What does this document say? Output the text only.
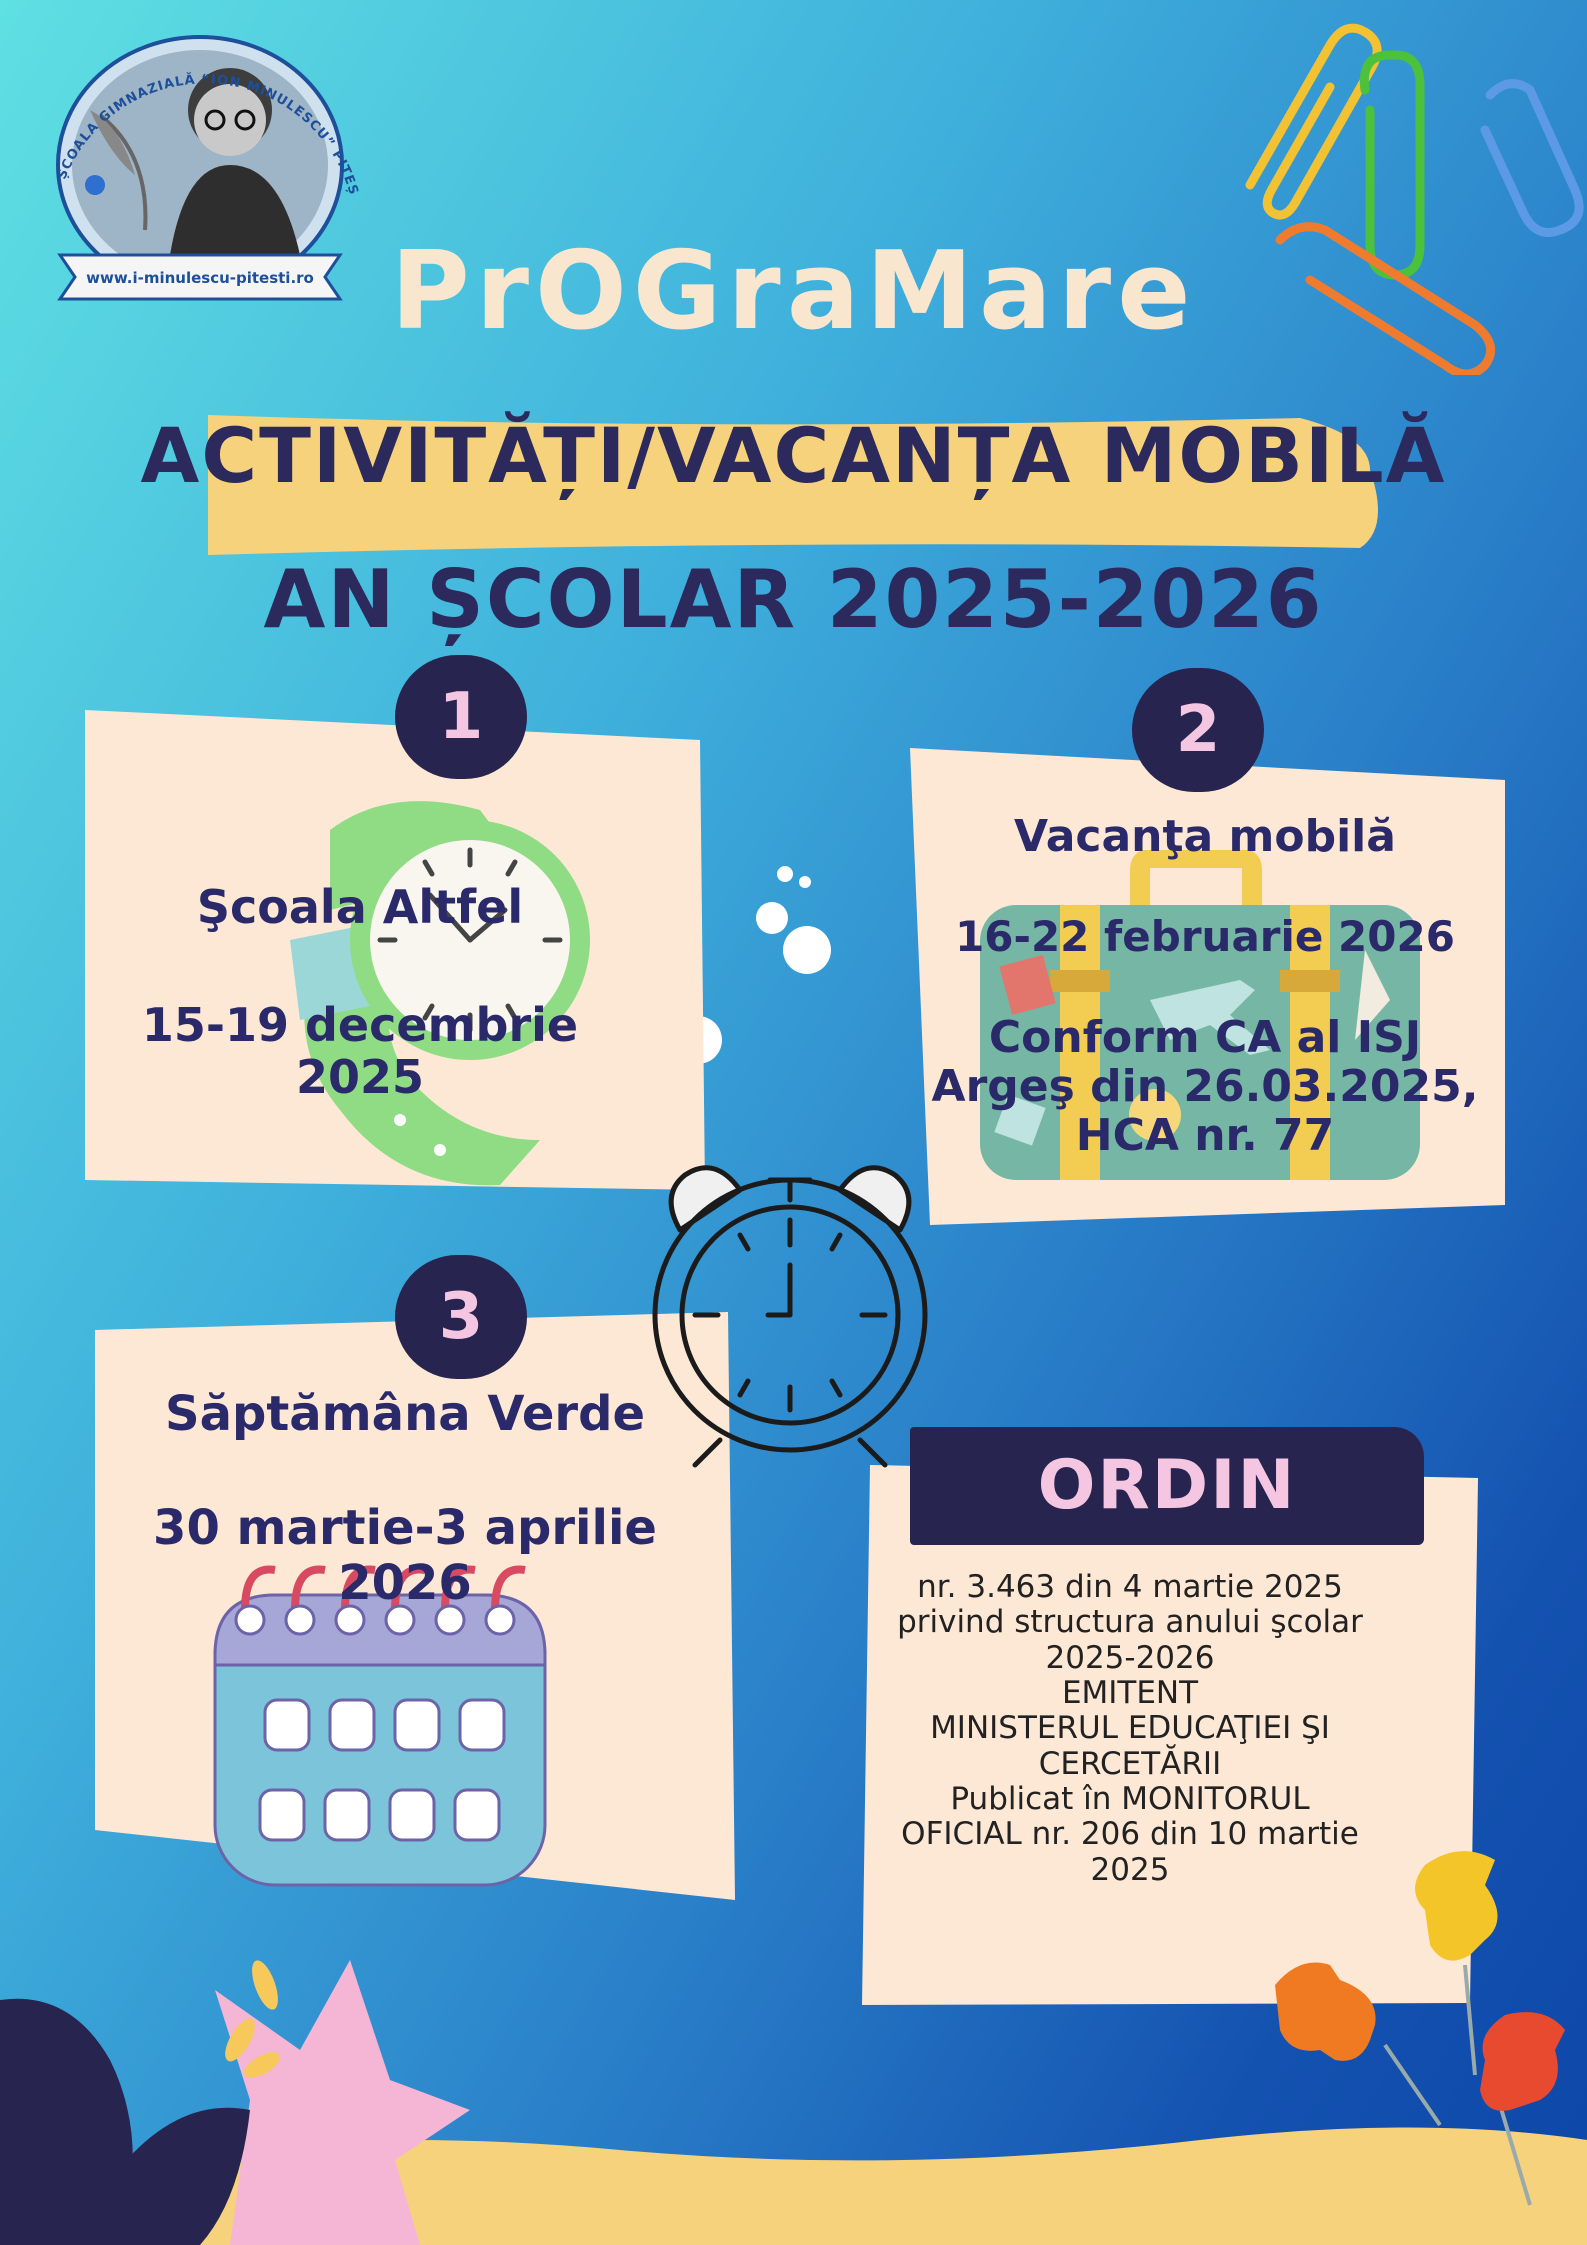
ȘCOALA GIMNAZIALĂ “ION MINULESCU” PITEȘ
www.i-minulescu-pitesti.ro PrOGraMare
ACTIVITĂȚI/VACANȚA MOBILĂ
AN ȘCOLAR 2025-2026
1	2
3
Şcoala Altfel
15-19 decembrie
2025
Vacanţa mobilă
16-22 februarie 2026
Conform CA al ISJ
Argeş din 26.03.2025,
HCA nr. 77
Săptămâna Verde
30 martie-3 aprilie
2026
ORDIN
nr. 3.463 din 4 martie 2025
privind structura anului şcolar
2025-2026
EMITENT
MINISTERUL EDUCAŢIEI ŞI
CERCETĂRII
Publicat în MONITORUL
OFICIAL nr. 206 din 10 martie
2025
